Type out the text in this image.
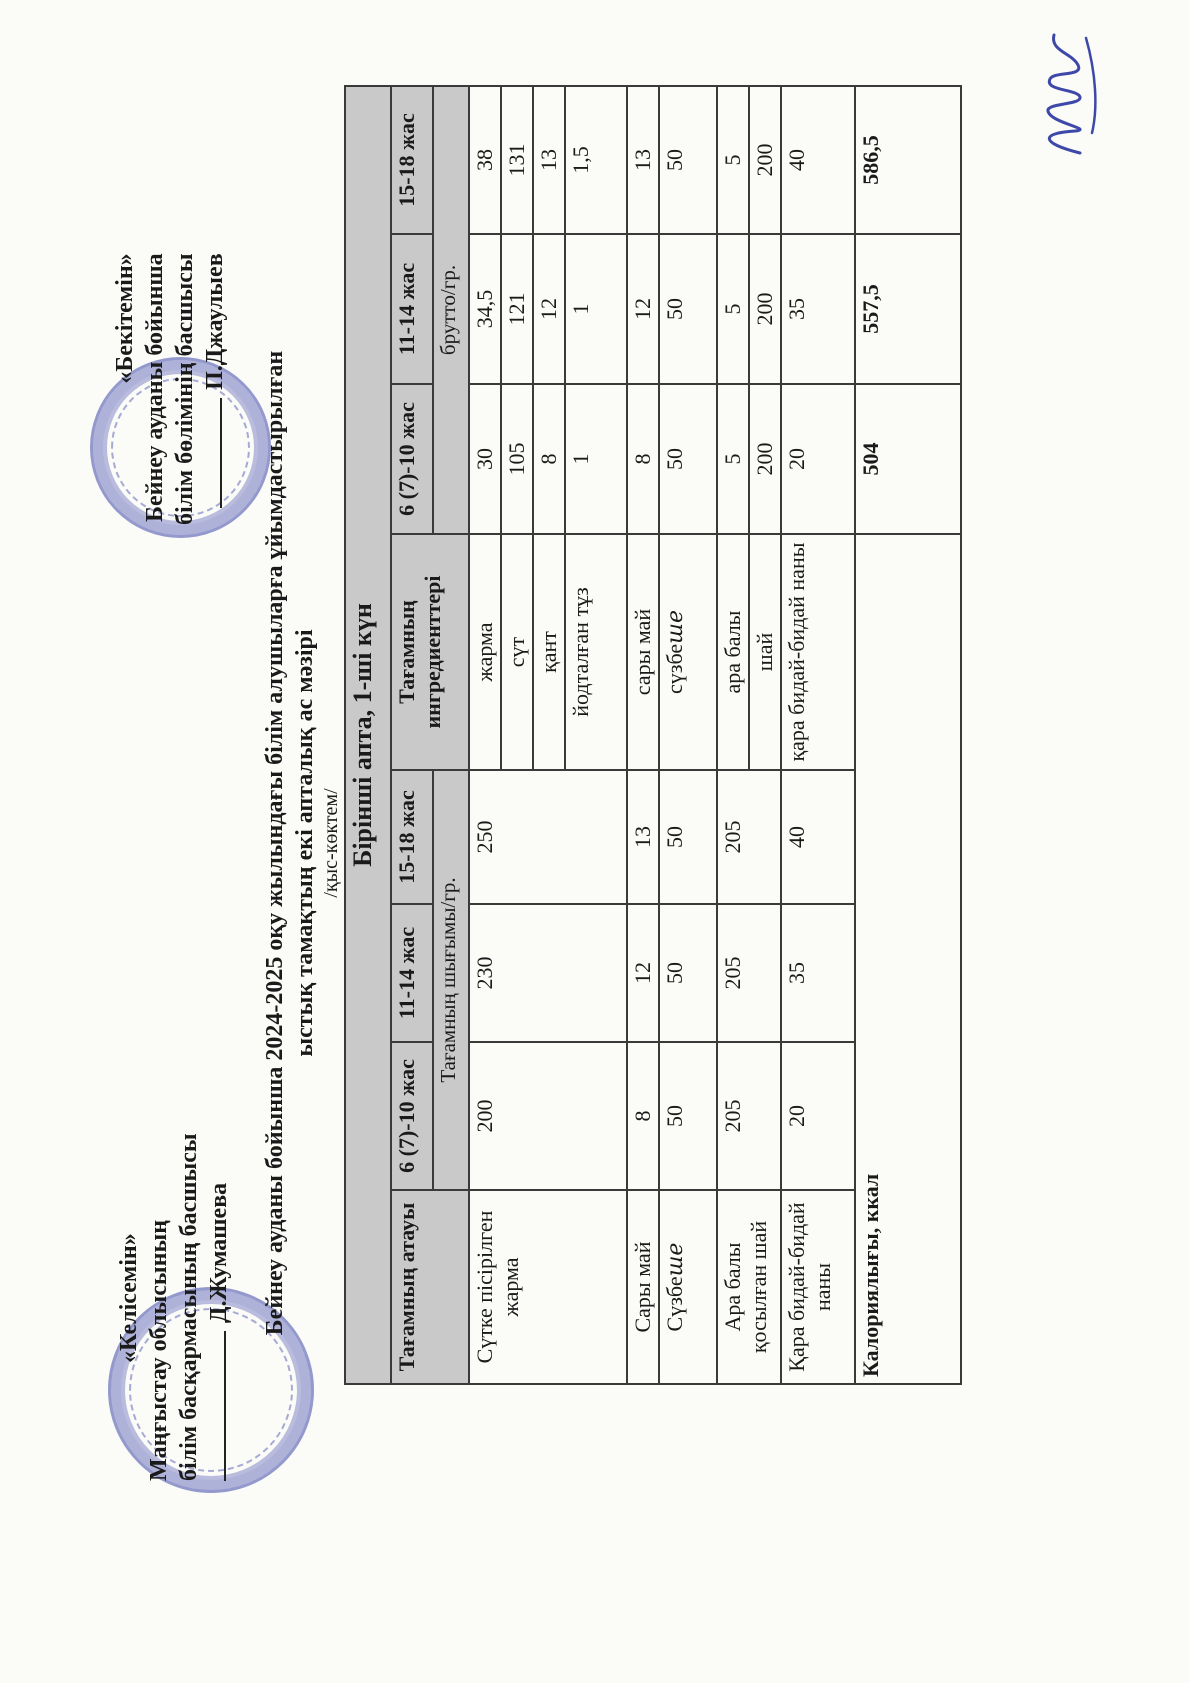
«Келісемін» Маңғыстау облысының білім басқармасының басшысы Д.Жумашева
«Бекітемін» Бейнеу ауданы бойынша білім бөлімінің басшысы П.Джаулыев
Бейнеу ауданы бойынша 2024-2025 оқу жылындағы білім алушыларға ұйымдастырылған ыстық тамақтың екі апталық ас мәзірі /қыс-көктем/ Бірінші апта, 1-ші күн							
Тағамның атауы	6 (7)-10 жас	11-14 жас	15-18 жас	Тағамның ингредиенттері	6 (7)-10 жас	11-14 жас	15-18 жас
	Тағамның шығымы/гр.				брутто/гр.		
Сүтке пісірілген жарма	200	230	250	жарма	30	34,5	38
				сүт	105	121	131
				қант	8	12	13
				йодталған тұз	1	1	1,5
Сары май	8	12	13	сары май	8	12	13
Сүзбеше	50	50	50	сүзбеше	50	50	50
Ара балы қосылған шай	205	205	205	ара балы	5	5	5
				шай	200	200	200
Қара бидай-бидай наны	20	35	40	қара бидай-бидай наны	20	35	40
Калориялығы, ккал					504	557,5	586,5
